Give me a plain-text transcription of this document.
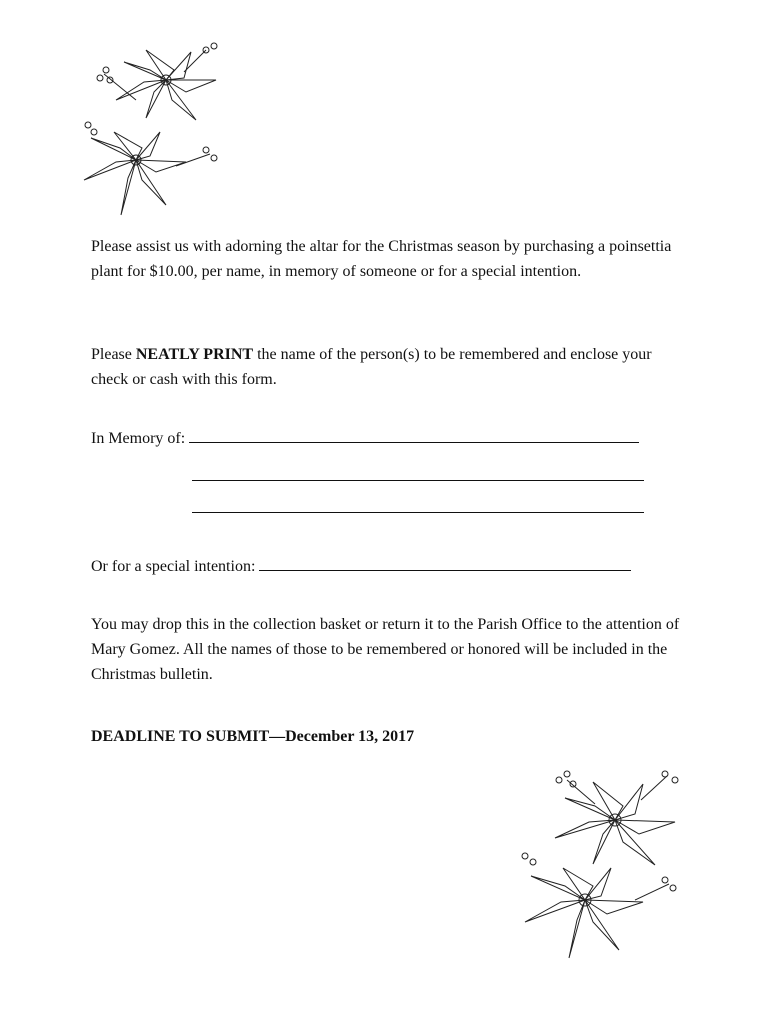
Please assist us with adorning the altar for the Christmas season by purchasing a poinsettia plant for $10.00, per name, in memory of someone or for a special intention.

Please NEATLY PRINT the name of the person(s) to be remembered and enclose your check or cash with this form.

In Memory of:
Or for a special intention:

You may drop this in the collection basket or return it to the Parish Office to the attention of Mary Gomez. All the names of those to be remembered or honored will be included in the Christmas bulletin.

DEADLINE TO SUBMIT—December 13, 2017
